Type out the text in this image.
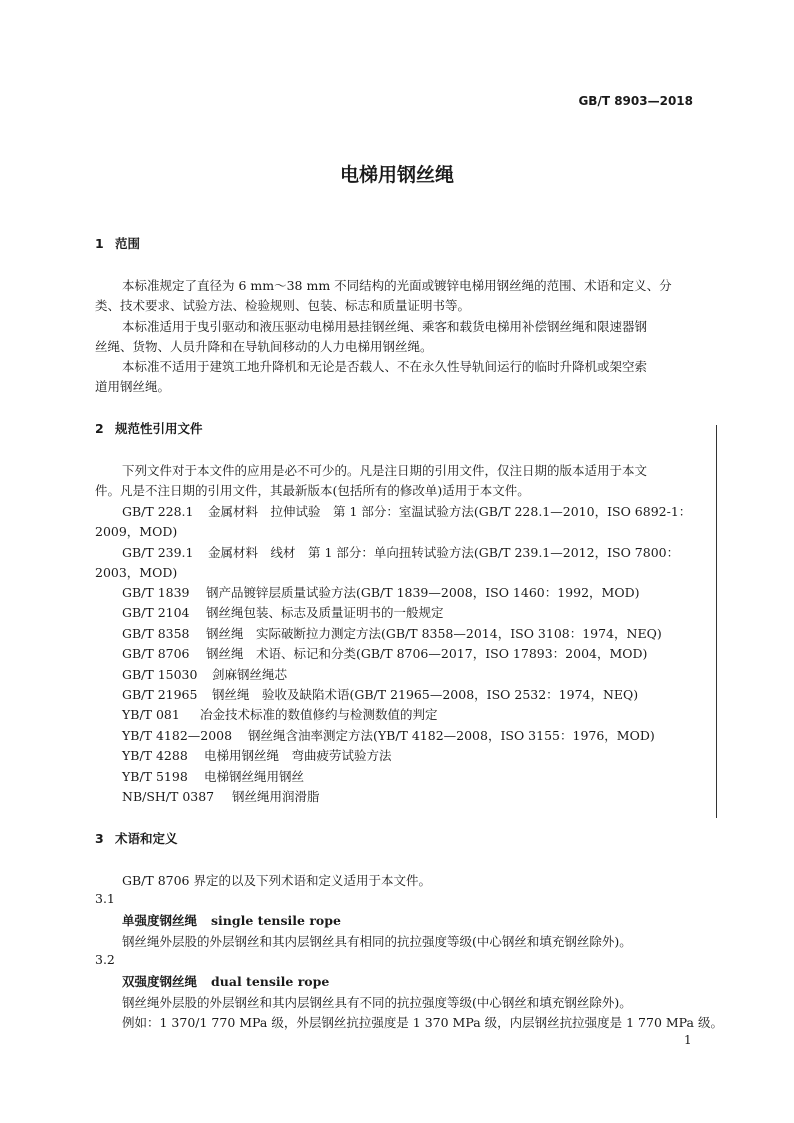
GB/T 8903—2018
电梯用钢丝绳
1 范围
本标准规定了直径为 6 mm～38 mm 不同结构的光面或镀锌电梯用钢丝绳的范围、术语和定义、分
类、技术要求、试验方法、检验规则、包装、标志和质量证明书等。
本标准适用于曳引驱动和液压驱动电梯用悬挂钢丝绳、乘客和载货电梯用补偿钢丝绳和限速器钢
丝绳、货物、人员升降和在导轨间移动的人力电梯用钢丝绳。
本标准不适用于建筑工地升降机和无论是否载人、不在永久性导轨间运行的临时升降机或架空索
道用钢丝绳。
2 规范性引用文件
下列文件对于本文件的应用是必不可少的。凡是注日期的引用文件，仅注日期的版本适用于本文
件。凡是不注日期的引用文件，其最新版本(包括所有的修改单)适用于本文件。
GB/T 228.1 金属材料　拉伸试验　第 1 部分：室温试验方法(GB/T 228.1—2010，ISO 6892-1：
2009，MOD)
GB/T 239.1 金属材料　线材　第 1 部分：单向扭转试验方法(GB/T 239.1—2012，ISO 7800：
2003，MOD)
GB/T 1839 钢产品镀锌层质量试验方法(GB/T 1839—2008，ISO 1460：1992，MOD)
GB/T 2104 钢丝绳包装、标志及质量证明书的一般规定
GB/T 8358 钢丝绳　实际破断拉力测定方法(GB/T 8358—2014，ISO 3108：1974，NEQ)
GB/T 8706 钢丝绳　术语、标记和分类(GB/T 8706—2017，ISO 17893：2004，MOD)
GB/T 15030 剑麻钢丝绳芯
GB/T 21965 钢丝绳　验收及缺陷术语(GB/T 21965—2008，ISO 2532：1974，NEQ)
YB/T 081 冶金技术标准的数值修约与检测数值的判定
YB/T 4182—2008 钢丝绳含油率测定方法(YB/T 4182—2008，ISO 3155：1976，MOD)
YB/T 4288 电梯用钢丝绳　弯曲疲劳试验方法
YB/T 5198 电梯钢丝绳用钢丝
NB/SH/T 0387 钢丝绳用润滑脂
3 术语和定义
GB/T 8706 界定的以及下列术语和定义适用于本文件。
3.1
单强度钢丝绳 single tensile rope
钢丝绳外层股的外层钢丝和其内层钢丝具有相同的抗拉强度等级(中心钢丝和填充钢丝除外)。
3.2
双强度钢丝绳 dual tensile rope
钢丝绳外层股的外层钢丝和其内层钢丝具有不同的抗拉强度等级(中心钢丝和填充钢丝除外)。
例如：1 370/1 770 MPa 级，外层钢丝抗拉强度是 1 370 MPa 级，内层钢丝抗拉强度是 1 770 MPa 级。
1
